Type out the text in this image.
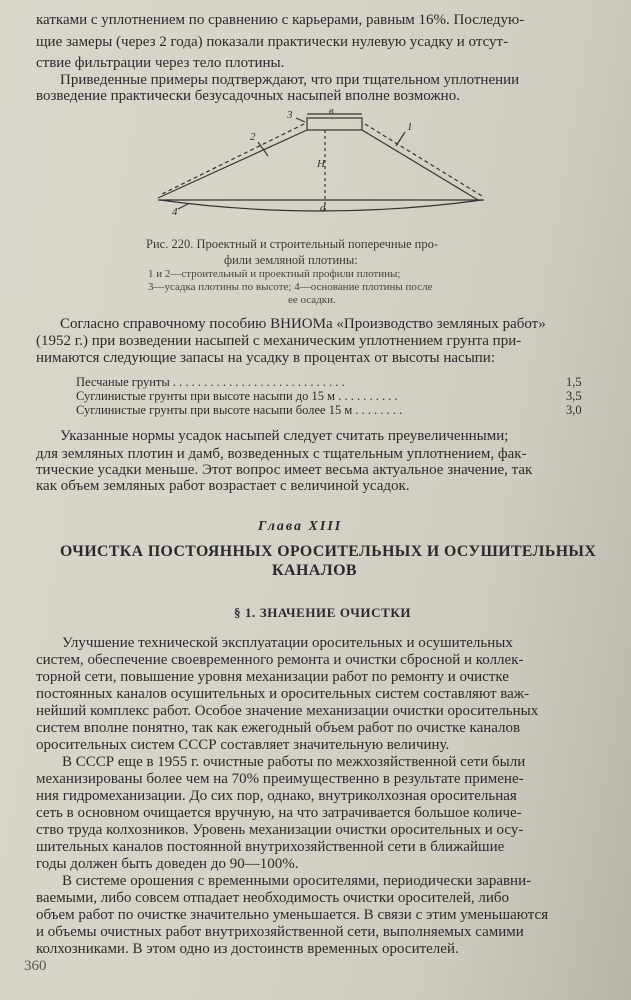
катками с уплотнением по сравнению с карьерами, равным 16%. Последую-
щие замеры (через 2 года) показали практически нулевую усадку и отсут-
ствие фильтрации через тело плотины.
Приведенные примеры подтверждают, что при тщательном уплотнении
возведение практически безусадочных насыпей вполне возможно.
1
2
3
4
в
H
d
Рис. 220. Проектный и строительный поперечные про-
фили земляной плотины:
1 и 2—строительный и проектный профили плотины;
3—усадка плотины по высоте; 4—основание плотины после
ее осадки.
Согласно справочному пособию ВНИОМа «Производство земляных работ»
(1952 г.) при возведении насыпей с механическим уплотнением грунта при-
нимаются следующие запасы на усадку в процентах от высоты насыпи:
Песчаные грунты . . . . . . . . . . . . . . . . . . . . . . . . . . . .	1,5
Суглинистые грунты при высоте насыпи до 15 м . . . . . . . . . .	3,5
Суглинистые грунты при высоте насыпи более 15 м . . . . . . . .	3,0
Указанные нормы усадок насыпей следует считать преувеличенными;
для земляных плотин и дамб, возведенных с тщательным уплотнением, фак-
тические усадки меньше. Этот вопрос имеет весьма актуальное значение, так
как объем земляных работ возрастает с величиной усадок.
Глава XIII
ОЧИСТКА ПОСТОЯННЫХ ОРОСИТЕЛЬНЫХ И ОСУШИТЕЛЬНЫХ
КАНАЛОВ
§ 1. ЗНАЧЕНИЕ ОЧИСТКИ
Улучшение технической эксплуатации оросительных и осушительных
систем, обеспечение своевременного ремонта и очистки сбросной и коллек-
торной сети, повышение уровня механизации работ по ремонту и очистке
постоянных каналов осушительных и оросительных систем составляют важ-
нейший комплекс работ. Особое значение механизации очистки оросительных
систем вполне понятно, так как ежегодный объем работ по очистке каналов
оросительных систем СССР составляет значительную величину.
В СССР еще в 1955 г. очистные работы по межхозяйственной сети были
механизированы более чем на 70% преимущественно в результате примене-
ния гидромеханизации. До сих пор, однако, внутриколхозная оросительная
сеть в основном очищается вручную, на что затрачивается большое количе-
ство труда колхозников. Уровень механизации очистки оросительных и осу-
шительных каналов постоянной внутрихозяйственной сети в ближайшие
годы должен быть доведен до 90—100%.
В системе орошения с временными оросителями, периодически заравни-
ваемыми, либо совсем отпадает необходимость очистки оросителей, либо
объем работ по очистке значительно уменьшается. В связи с этим уменьшаются
и объемы очистных работ внутрихозяйственной сети, выполняемых самими
колхозниками. В этом одно из достоинств временных оросителей.
360
